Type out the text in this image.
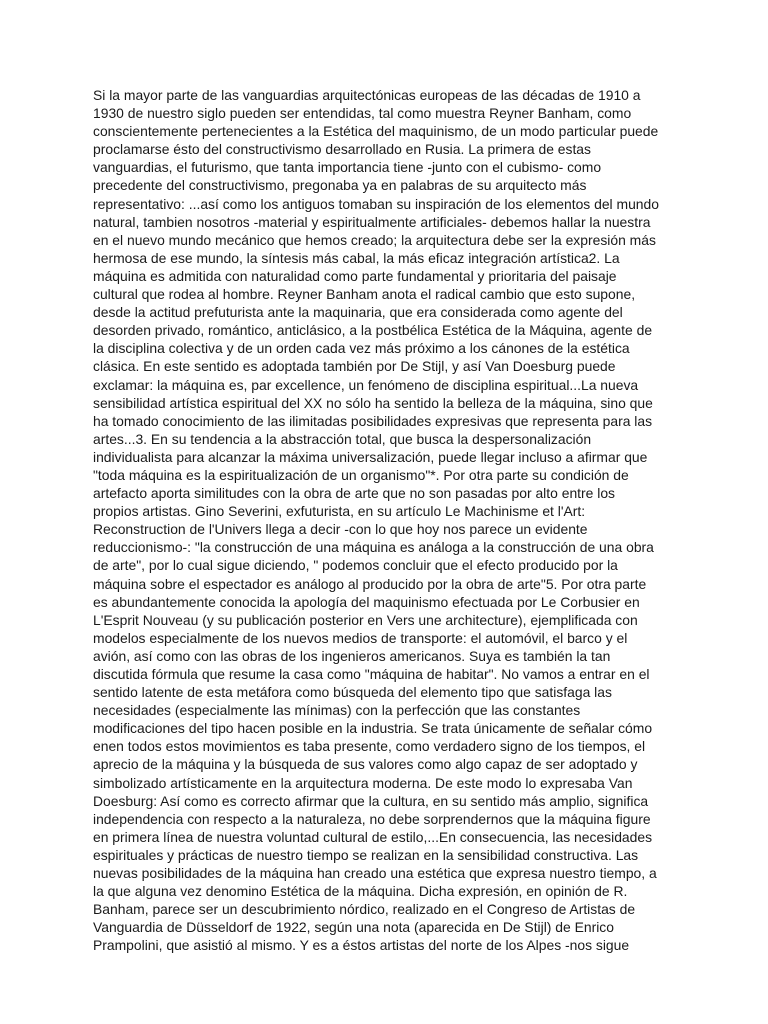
Si la mayor parte de las vanguardias arquitectónicas europeas de las décadas de 1910 a
1930 de nuestro siglo pueden ser entendidas, tal como muestra Reyner Banham, como
conscientemente pertenecientes a la Estética del maquinismo, de un modo particular puede
proclamarse ésto del constructivismo desarrollado en Rusia. La primera de estas
vanguardias, el futurismo, que tanta importancia tiene -junto con el cubismo- como
precedente del constructivismo, pregonaba ya en palabras de su arquitecto más
representativo: ...así como los antiguos tomaban su inspiración de los elementos del mundo
natural, tambien nosotros -material y espiritualmente artificiales- debemos hallar la nuestra
en el nuevo mundo mecánico que hemos creado; la arquitectura debe ser la expresión más
hermosa de ese mundo, la síntesis más cabal, la más eficaz integración artística2. La
máquina es admitida con naturalidad como parte fundamental y prioritaria del paisaje
cultural que rodea al hombre. Reyner Banham anota el radical cambio que esto supone,
desde la actitud prefuturista ante la maquinaria, que era considerada como agente del
desorden privado, romántico, anticlásico, a la postbélica Estética de la Máquina, agente de
la disciplina colectiva y de un orden cada vez más próximo a los cánones de la estética
clásica. En este sentido es adoptada también por De Stijl, y así Van Doesburg puede
exclamar: la máquina es, par excellence, un fenómeno de disciplina espiritual...La nueva
sensibilidad artística espiritual del XX no sólo ha sentido la belleza de la máquina, sino que
ha tomado conocimiento de las ilimitadas posibilidades expresivas que representa para las
artes...3. En su tendencia a la abstracción total, que busca la despersonalización
individualista para alcanzar la máxima universalización, puede llegar incluso a afirmar que
"toda máquina es la espiritualización de un organismo"*. Por otra parte su condición de
artefacto aporta similitudes con la obra de arte que no son pasadas por alto entre los
propios artistas. Gino Severini, exfuturista, en su artículo Le Machinisme et l'Art:
Reconstruction de l'Univers llega a decir -con lo que hoy nos parece un evidente
reduccionismo-: "la construcción de una máquina es análoga a la construcción de una obra
de arte", por lo cual sigue diciendo, " podemos concluir que el efecto producido por la
máquina sobre el espectador es análogo al producido por la obra de arte"5. Por otra parte
es abundantemente conocida la apología del maquinismo efectuada por Le Corbusier en
L'Esprit Nouveau (y su publicación posterior en Vers une architecture), ejemplificada con
modelos especialmente de los nuevos medios de transporte: el automóvil, el barco y el
avión, así como con las obras de los ingenieros americanos. Suya es también la tan
discutida fórmula que resume la casa como "máquina de habitar". No vamos a entrar en el
sentido latente de esta metáfora como búsqueda del elemento tipo que satisfaga las
necesidades (especialmente las mínimas) con la perfección que las constantes
modificaciones del tipo hacen posible en la industria. Se trata únicamente de señalar cómo
enen todos estos movimientos es taba presente, como verdadero signo de los tiempos, el
aprecio de la máquina y la búsqueda de sus valores como algo capaz de ser adoptado y
simbolizado artísticamente en la arquitectura moderna. De este modo lo expresaba Van
Doesburg: Así como es correcto afirmar que la cultura, en su sentido más amplio, significa
independencia con respecto a la naturaleza, no debe sorprendernos que la máquina figure
en primera línea de nuestra voluntad cultural de estilo,...En consecuencia, las necesidades
espirituales y prácticas de nuestro tiempo se realizan en la sensibilidad constructiva. Las
nuevas posibilidades de la máquina han creado una estética que expresa nuestro tiempo, a
la que alguna vez denomino Estética de la máquina. Dicha expresión, en opinión de R.
Banham, parece ser un descubrimiento nórdico, realizado en el Congreso de Artistas de
Vanguardia de Düsseldorf de 1922, según una nota (aparecida en De Stijl) de Enrico
Prampolini, que asistió al mismo. Y es a éstos artistas del norte de los Alpes -nos sigue
